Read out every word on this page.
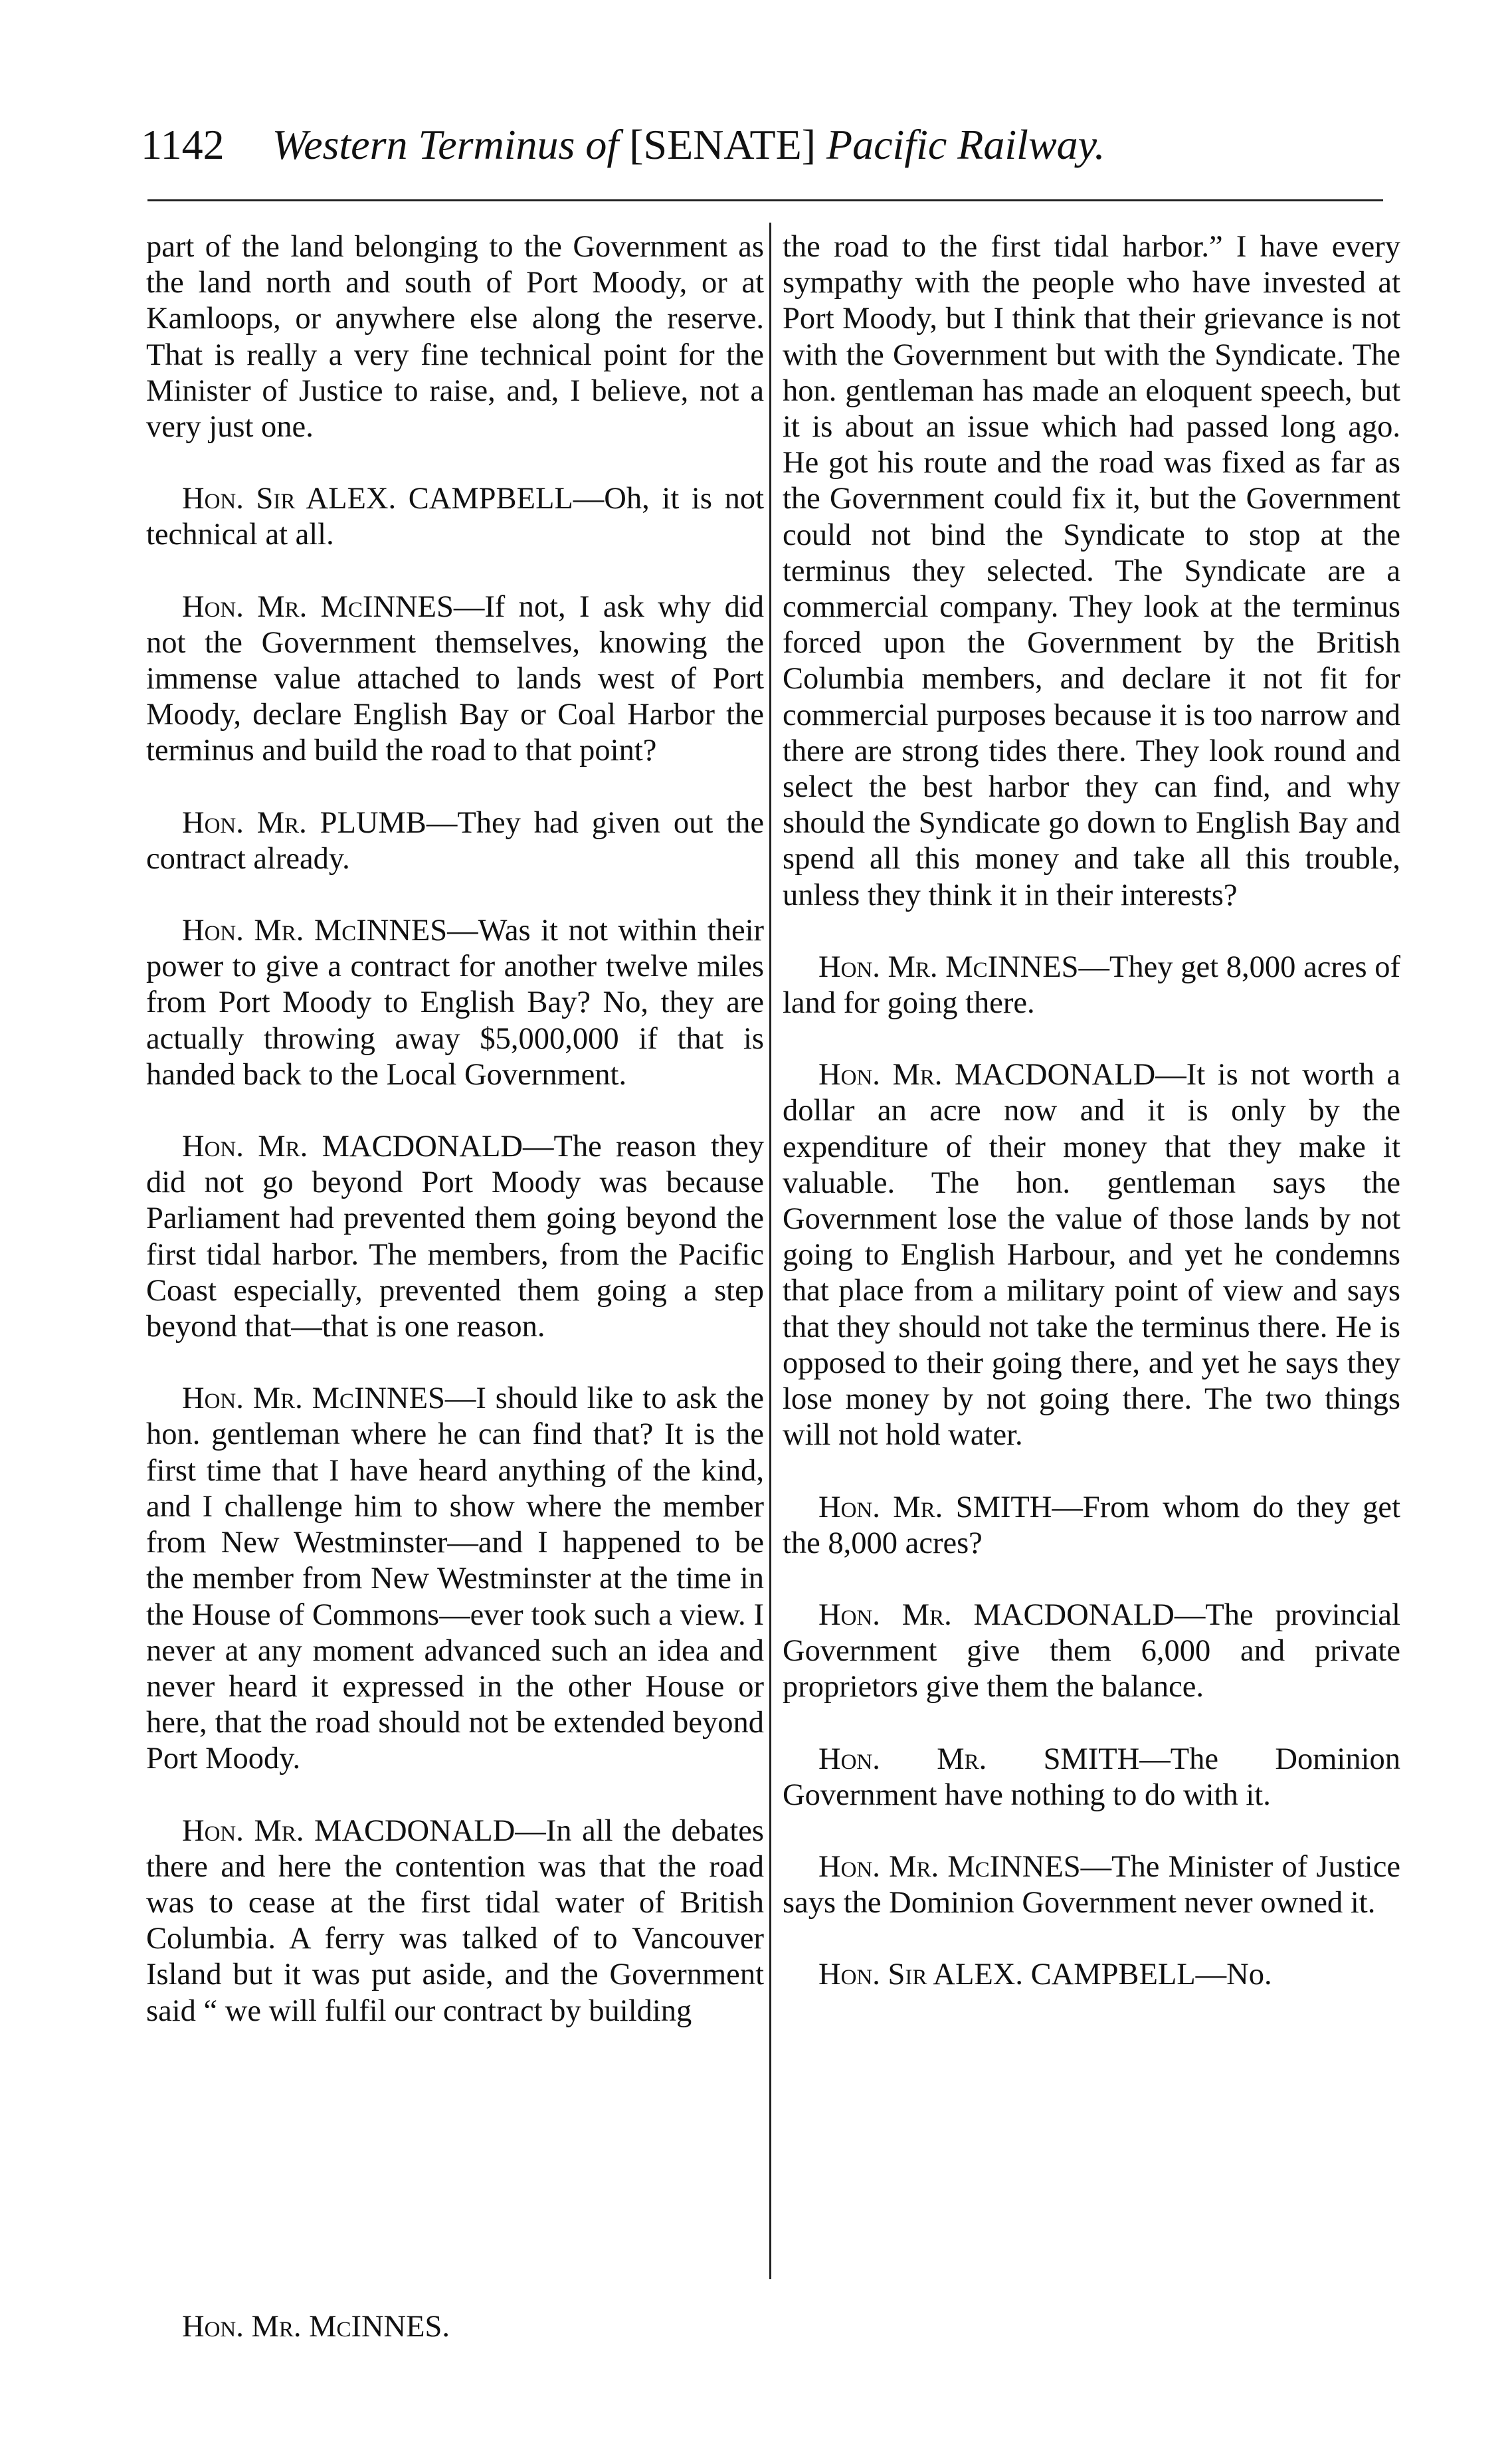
1142 Western Terminus of [SENATE] Pacific Railway.

part of the land belonging to the Government as the land north and south of Port Moody, or at Kamloops, or anywhere else along the reserve. That is really a very fine technical point for the Minister of Justice to raise, and, I believe, not a very just one.

Hon. Sir ALEX. CAMPBELL—Oh, it is not technical at all.

Hon. Mr. McINNES—If not, I ask why did not the Government themselves, knowing the immense value attached to lands west of Port Moody, declare English Bay or Coal Harbor the terminus and build the road to that point?

Hon. Mr. PLUMB—They had given out the contract already.

Hon. Mr. McINNES—Was it not within their power to give a contract for another twelve miles from Port Moody to English Bay? No, they are actually throwing away $5,000,000 if that is handed back to the Local Government.

Hon. Mr. MACDONALD—The reason they did not go beyond Port Moody was because Parliament had prevented them going beyond the first tidal harbor. The members, from the Pacific Coast especially, prevented them going a step beyond that—that is one reason.

Hon. Mr. McINNES—I should like to ask the hon. gentleman where he can find that? It is the first time that I have heard anything of the kind, and I challenge him to show where the member from New Westminster—and I happened to be the member from New Westminster at the time in the House of Commons—ever took such a view. I never at any moment advanced such an idea and never heard it expressed in the other House or here, that the road should not be extended beyond Port Moody.

Hon. Mr. MACDONALD—In all the debates there and here the contention was that the road was to cease at the first tidal water of British Columbia. A ferry was talked of to Vancouver Island but it was put aside, and the Government said “ we will fulfil our contract by building

the road to the first tidal harbor.” I have every sympathy with the people who have invested at Port Moody, but I think that their grievance is not with the Government but with the Syndicate. The hon. gentleman has made an eloquent speech, but it is about an issue which had passed long ago. He got his route and the road was fixed as far as the Government could fix it, but the Government could not bind the Syndicate to stop at the terminus they selected. The Syndicate are a commercial company. They look at the terminus forced upon the Government by the British Columbia members, and declare it not fit for commercial purposes because it is too narrow and there are strong tides there. They look round and select the best harbor they can find, and why should the Syndicate go down to English Bay and spend all this money and take all this trouble, unless they think it in their interests?

Hon. Mr. McINNES—They get 8,000 acres of land for going there.

Hon. Mr. MACDONALD—It is not worth a dollar an acre now and it is only by the expenditure of their money that they make it valuable. The hon. gentleman says the Government lose the value of those lands by not going to English Harbour, and yet he condemns that place from a military point of view and says that they should not take the terminus there. He is opposed to their going there, and yet he says they lose money by not going there. The two things will not hold water.

Hon. Mr. SMITH—From whom do they get the 8,000 acres?

Hon. Mr. MACDONALD—The provincial Government give them 6,000 and private proprietors give them the balance.

Hon. Mr. SMITH—The Dominion Government have nothing to do with it.

Hon. Mr. McINNES—The Minister of Justice says the Dominion Government never owned it.

Hon. Sir ALEX. CAMPBELL—No.

Hon. Mr. McINNES.
